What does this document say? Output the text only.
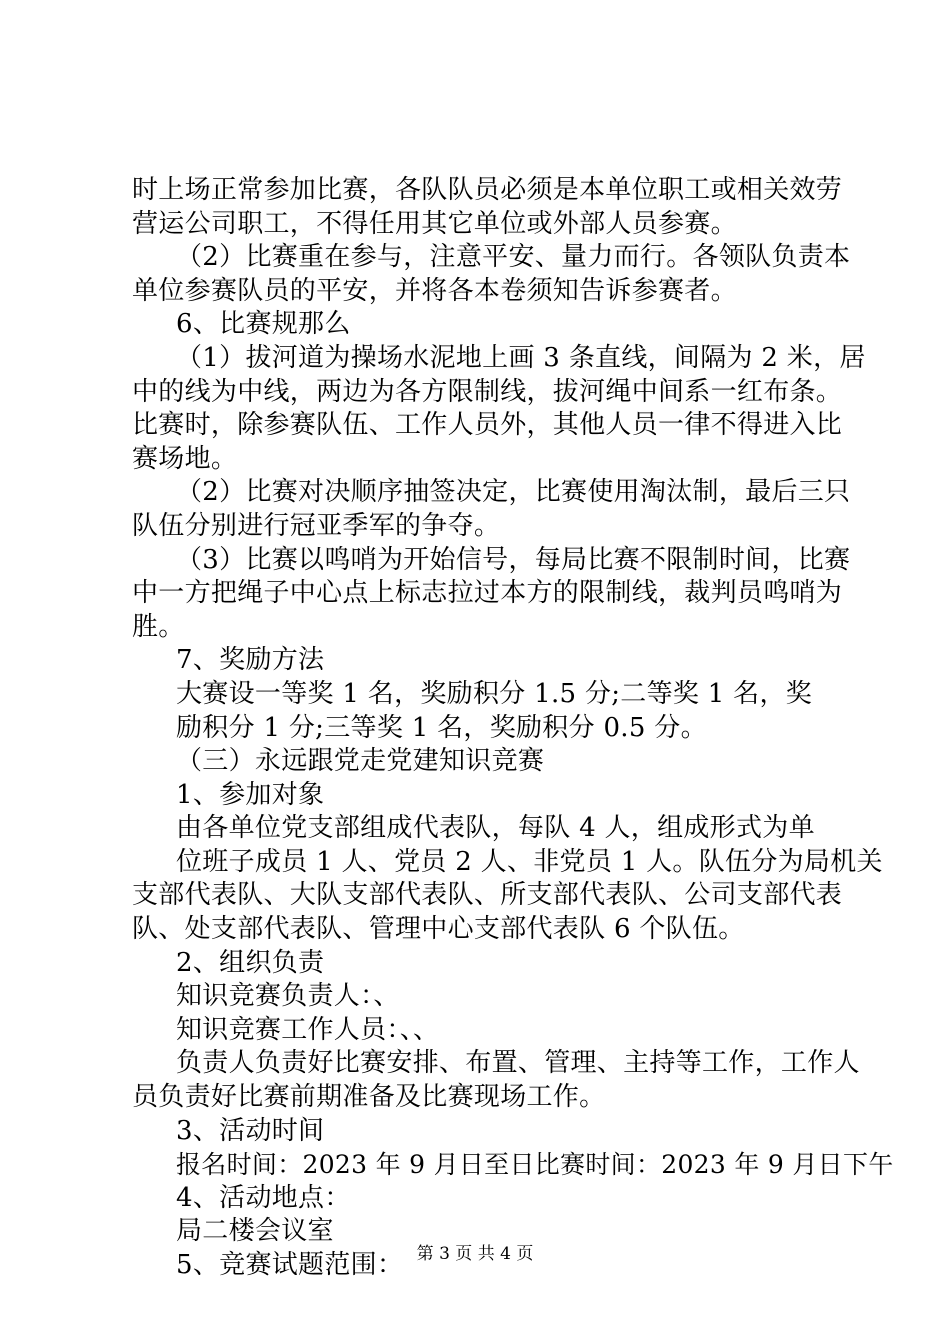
时上场正常参加比赛，各队队员必须是本单位职工或相关效劳
营运公司职工，不得任用其它单位或外部人员参赛。
（2）比赛重在参与，注意平安、量力而行。各领队负责本
单位参赛队员的平安，并将各本卷须知告诉参赛者。
6、比赛规那么
（1）拔河道为操场水泥地上画 3 条直线，间隔为 2 米，居
中的线为中线，两边为各方限制线，拔河绳中间系一红布条。
比赛时，除参赛队伍、工作人员外，其他人员一律不得进入比
赛场地。
（2）比赛对决顺序抽签决定，比赛使用淘汰制，最后三只
队伍分别进行冠亚季军的争夺。
（3）比赛以鸣哨为开始信号，每局比赛不限制时间，比赛
中一方把绳子中心点上标志拉过本方的限制线，裁判员鸣哨为
胜。
7、奖励方法
大赛设一等奖 1 名，奖励积分 1.5 分;二等奖 1 名，奖
励积分 1 分;三等奖 1 名，奖励积分 0.5 分。
（三）永远跟党走党建知识竞赛
1、参加对象
由各单位党支部组成代表队，每队 4 人，组成形式为单
位班子成员 1 人、党员 2 人、非党员 1 人。队伍分为局机关
支部代表队、大队支部代表队、所支部代表队、公司支部代表
队、处支部代表队、管理中心支部代表队 6 个队伍。
2、组织负责
知识竞赛负责人：、
知识竞赛工作人员：、、
负责人负责好比赛安排、布置、管理、主持等工作，工作人
员负责好比赛前期准备及比赛现场工作。
3、活动时间
报名时间：2023 年 9 月日至日比赛时间：2023 年 9 月日下午
4、活动地点：
局二楼会议室
5、竞赛试题范围： 第 3 页 共 4 页
